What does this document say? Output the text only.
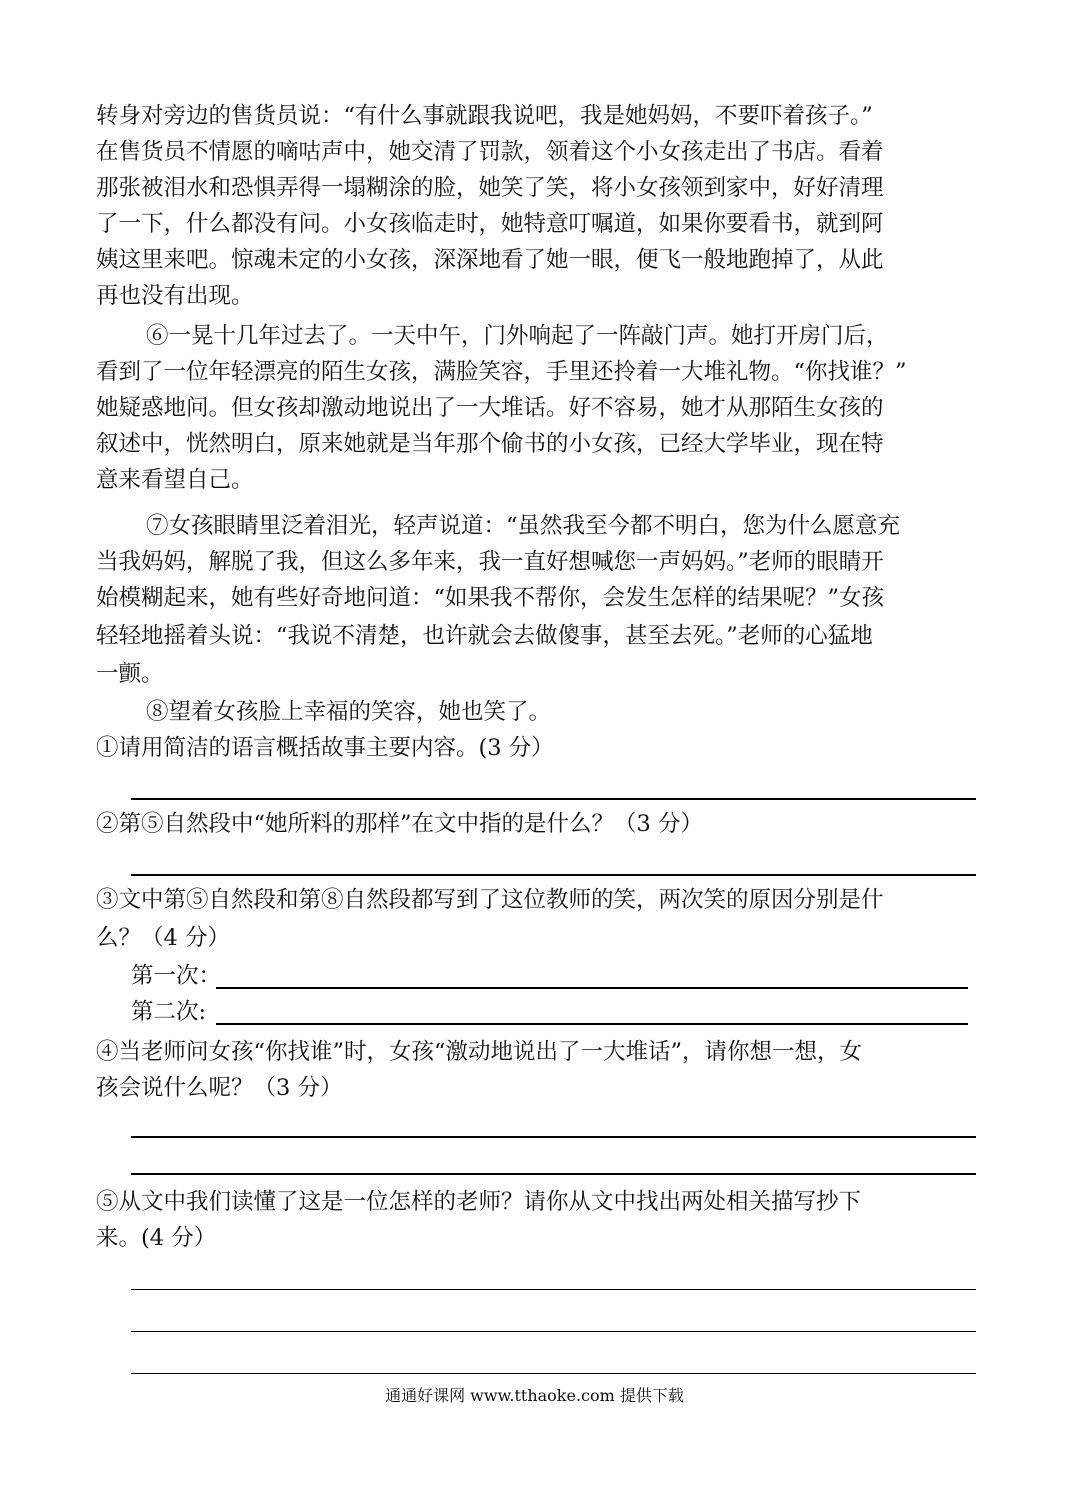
转身对旁边的售货员说：“有什么事就跟我说吧，我是她妈妈，不要吓着孩子。”
在售货员不情愿的嘀咕声中，她交清了罚款，领着这个小女孩走出了书店。看着
那张被泪水和恐惧弄得一塌糊涂的脸，她笑了笑，将小女孩领到家中，好好清理
了一下，什么都没有问。小女孩临走时，她特意叮嘱道，如果你要看书，就到阿
姨这里来吧。惊魂未定的小女孩，深深地看了她一眼，便飞一般地跑掉了，从此
再也没有出现。
⑥一晃十几年过去了。一天中午，门外响起了一阵敲门声。她打开房门后，
看到了一位年轻漂亮的陌生女孩，满脸笑容，手里还拎着一大堆礼物。“你找谁？”
她疑惑地问。但女孩却激动地说出了一大堆话。好不容易，她才从那陌生女孩的
叙述中，恍然明白，原来她就是当年那个偷书的小女孩，已经大学毕业，现在特
意来看望自己。
⑦女孩眼睛里泛着泪光，轻声说道：“虽然我至今都不明白，您为什么愿意充
当我妈妈，解脱了我，但这么多年来，我一直好想喊您一声妈妈。”老师的眼睛开
始模糊起来，她有些好奇地问道：“如果我不帮你，会发生怎样的结果呢？”女孩
轻轻地摇着头说：“我说不清楚，也许就会去做傻事，甚至去死。”老师的心猛地
一颤。
⑧望着女孩脸上幸福的笑容，她也笑了。
①请用简洁的语言概括故事主要内容。(3 分）
②第⑤自然段中“她所料的那样”在文中指的是什么？（3 分）
③文中第⑤自然段和第⑧自然段都写到了这位教师的笑，两次笑的原因分别是什
么？（4 分）
第一次：
第二次:
④当老师问女孩“你找谁”时，女孩“激动地说出了一大堆话”，请你想一想，女
孩会说什么呢？（3 分）
⑤从文中我们读懂了这是一位怎样的老师？请你从文中找出两处相关描写抄下
来。(4 分）
通通好课网 www.tthaoke.com 提供下载
